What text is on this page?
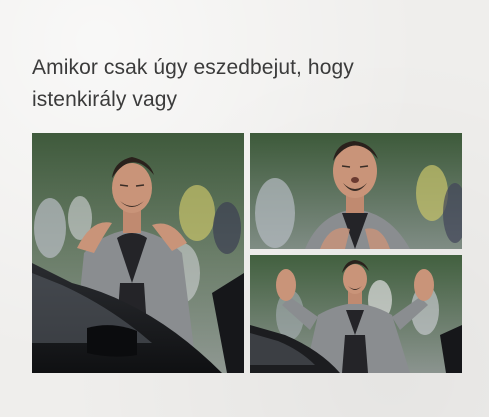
Amikor csak úgy eszedbejut, hogy
istenkirály vagy
